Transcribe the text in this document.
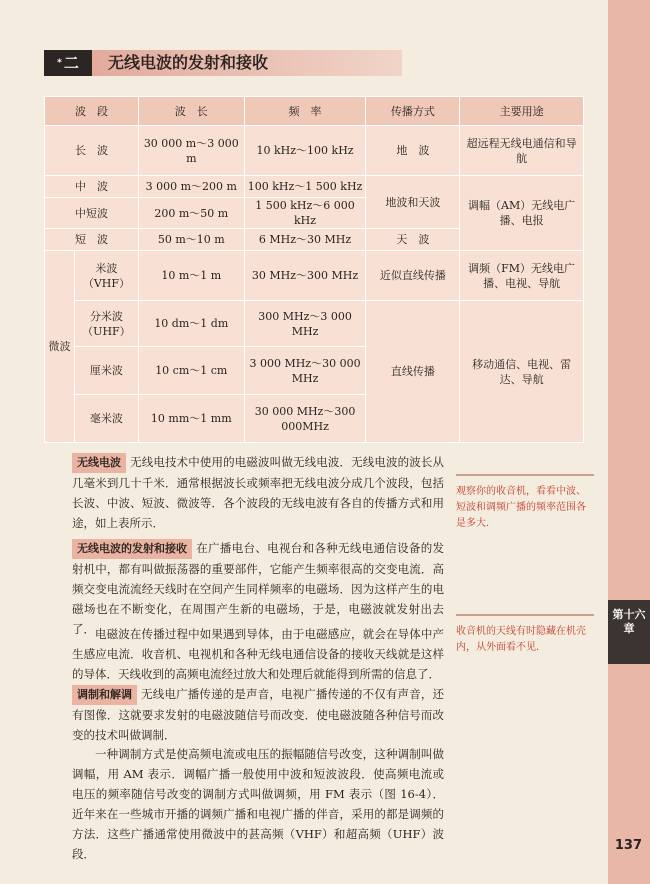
第十六章
137
* 二	无线电波的发射和接收
波　段		波　长	频　率	传播方式	主要用途
长　波		30 000 m～3 000 m	10 kHz～100 kHz	地　波	超远程无线电通信和导航
中　波		3 000 m～200 m	100 kHz～1 500 kHz	地波和天波	调幅（AM）无线电广播、电报
中短波		200 m～50 m	1 500 kHz～6 000 kHz		
短　波		50 m～10 m	6 MHz～30 MHz	天　波	
微波	米波（VHF）	10 m～1 m	30 MHz～300 MHz	近似直线传播	调频（FM）无线电广播、电视、导航
	分米波（UHF）	10 dm～1 dm	300 MHz～3 000 MHz	直线传播	移动通信、电视、雷达、导航
	厘米波	10 cm～1 cm	3 000 MHz～30 000 MHz		
	毫米波	10 mm～1 mm	30 000 MHz～300 000MHz		
无线电波 无线电技术中使用的电磁波叫做无线电波．无线电波的波长从几毫米到几十千米．通常根据波长或频率把无线电波分成几个波段，包括长波、中波、短波、微波等．各个波段的无线电波有各自的传播方式和用途，如上表所示．
无线电波的发射和接收 在广播电台、电视台和各种无线电通信设备的发射机中，都有叫做振荡器的重要部件，它能产生频率很高的交变电流．高频交变电流流经天线时在空间产生同样频率的电磁场．因为这样产生的电磁场也在不断变化，在周围产生新的电磁场，于是，电磁波就发射出去了． 电磁波在传播过程中如果遇到导体，由于电磁感应，就会在导体中产生感应电流．收音机、电视机和各种无线电通信设备的接收天线就是这样的导体．天线收到的高频电流经过放大和处理后就能得到所需的信息了．
调制和解调 无线电广播传递的是声音，电视广播传递的不仅有声音，还有图像．这就要求发射的电磁波随信号而改变．使电磁波随各种信号而改变的技术叫做调制．
一种调制方式是使高频电流或电压的振幅随信号改变，这种调制叫做调幅，用 AM 表示．调幅广播一般使用中波和短波波段．使高频电流或电压的频率随信号改变的调制方式叫做调频，用 FM 表示（图 16-4）．近年来在一些城市开播的调频广播和电视广播的伴音，采用的都是调频的方法．这些广播通常使用微波中的甚高频（VHF）和超高频（UHF）波段．
观察你的收音机，看看中波、短波和调频广播的频率范围各是多大．
收音机的天线有时隐藏在机壳内，从外面看不见．
